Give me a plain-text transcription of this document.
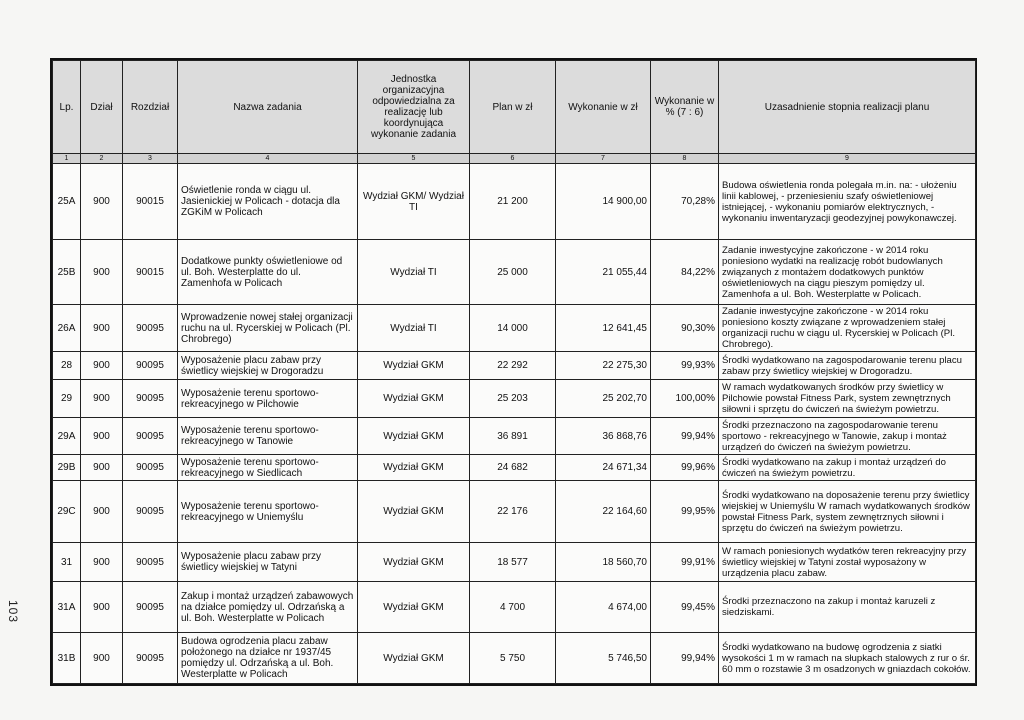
Lp.	Dział	Rozdział	Nazwa zadania	Jednostka organizacyjna odpowiedzialna za realizację lub koordynująca wykonanie zadania	Plan w zł	Wykonanie w zł	Wykonanie w % (7 : 6)	Uzasadnienie stopnia realizacji planu
1	2	3	4	5	6	7	8	9
25A	900	90015	Oświetlenie ronda w ciągu ul. Jasienickiej w Policach - dotacja dla ZGKiM w Policach	Wydział GKM/ Wydział TI	21 200	14 900,00	70,28%	Budowa oświetlenia ronda polegała m.in. na: - ułożeniu linii kablowej, - przeniesieniu szafy oświetleniowej istniejącej, - wykonaniu pomiarów elektrycznych, - wykonaniu inwentaryzacji geodezyjnej powykonawczej.
25B	900	90015	Dodatkowe punkty oświetleniowe od ul. Boh. Westerplatte do ul. Zamenhofa w Policach	Wydział TI	25 000	21 055,44	84,22%	Zadanie inwestycyjne zakończone - w 2014 roku poniesiono wydatki na realizację robót budowlanych związanych z montażem dodatkowych punktów oświetleniowych na ciągu pieszym pomiędzy ul. Zamenhofa a ul. Boh. Westerplatte w Policach.
26A	900	90095	Wprowadzenie nowej stałej organizacji ruchu na ul. Rycerskiej w Policach (Pl. Chrobrego)	Wydział TI	14 000	12 641,45	90,30%	Zadanie inwestycyjne zakończone - w 2014 roku poniesiono koszty związane z wprowadzeniem stałej organizacji ruchu w ciągu ul. Rycerskiej w Policach (Pl. Chrobrego).
28	900	90095	Wyposażenie placu zabaw przy świetlicy wiejskiej w Drogoradzu	Wydział GKM	22 292	22 275,30	99,93%	Środki wydatkowano na zagospodarowanie terenu placu zabaw przy świetlicy wiejskiej w Drogoradzu.
29	900	90095	Wyposażenie terenu sportowo-rekreacyjnego w Pilchowie	Wydział GKM	25 203	25 202,70	100,00%	W ramach wydatkowanych środków przy świetlicy w Pilchowie powstał Fitness Park, system zewnętrznych siłowni i sprzętu do ćwiczeń na świeżym powietrzu.
29A	900	90095	Wyposażenie terenu sportowo-rekreacyjnego w Tanowie	Wydział GKM	36 891	36 868,76	99,94%	Środki przeznaczono na zagospodarowanie terenu sportowo - rekreacyjnego w Tanowie, zakup i montaż urządzeń do ćwiczeń na świeżym powietrzu.
29B	900	90095	Wyposażenie terenu sportowo-rekreacyjnego w Siedlicach	Wydział GKM	24 682	24 671,34	99,96%	Środki wydatkowano na zakup i montaż urządzeń do ćwiczeń na świeżym powietrzu.
29C	900	90095	Wyposażenie terenu sportowo-rekreacyjnego w Uniemyślu	Wydział GKM	22 176	22 164,60	99,95%	Środki wydatkowano na doposażenie terenu przy świetlicy wiejskiej w Uniemyślu W ramach wydatkowanych środków powstał Fitness Park, system zewnętrznych siłowni i sprzętu do ćwiczeń na świeżym powietrzu.
31	900	90095	Wyposażenie placu zabaw przy świetlicy wiejskiej w Tatyni	Wydział GKM	18 577	18 560,70	99,91%	W ramach poniesionych wydatków teren rekreacyjny przy świetlicy wiejskiej w Tatyni został wyposażony w urządzenia placu zabaw.
31A	900	90095	Zakup i montaż urządzeń zabawowych na działce pomiędzy ul. Odrzańską a ul. Boh. Westerplatte w Policach	Wydział GKM	4 700	4 674,00	99,45%	Środki przeznaczono na zakup i montaż karuzeli z siedziskami.
31B	900	90095	Budowa ogrodzenia placu zabaw położonego na działce nr 1937/45 pomiędzy ul. Odrzańską a ul. Boh. Westerplatte w Policach	Wydział GKM	5 750	5 746,50	99,94%	Środki wydatkowano na budowę ogrodzenia z siatki wysokości 1 m w ramach na słupkach stalowych z rur o śr. 60 mm o rozstawie 3 m osadzonych w gniazdach cokołów.
103
